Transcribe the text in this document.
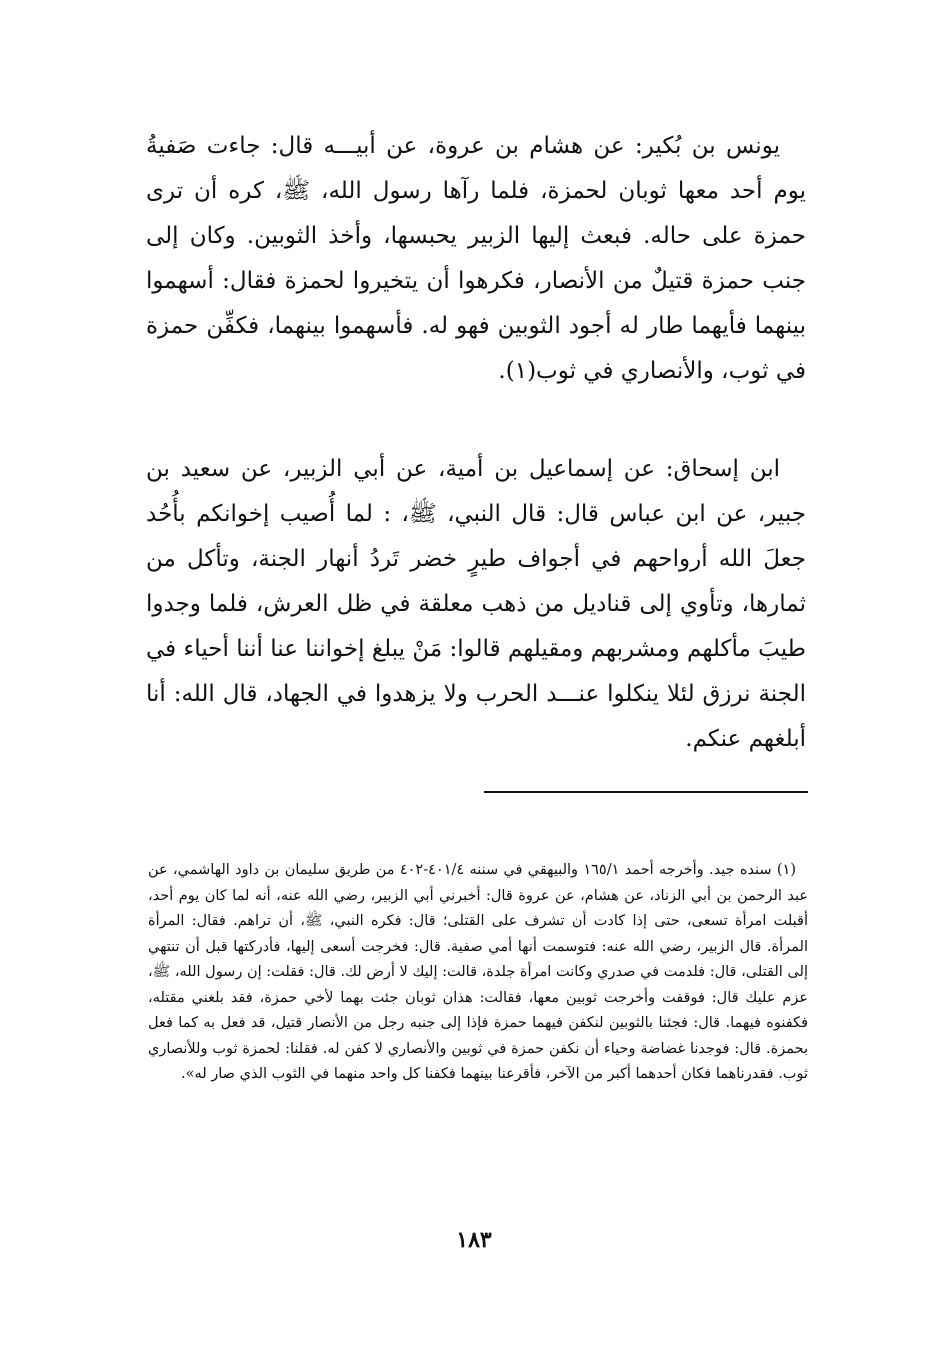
يونس بن بُكير: عن هشام بن عروة، عن أبيـــه قال: جاءت صَفيةُ يوم أحد معها ثوبان لحمزة، فلما رآها رسول الله، ﷺ، كره أن ترى حمزة على حاله. فبعث إليها الزبير يحبسها، وأخذ الثوبين. وكان إلى جنب حمزة قتيلٌ من الأنصار، فكرهوا أن يتخيروا لحمزة فقال: أسهموا بينهما فأيهما طار له أجود الثوبين فهو له. فأسهموا بينهما، فكفِّن حمزة في ثوب، والأنصاري في ثوب(١).

ابن إسحاق: عن إسماعيل بن أمية، عن أبي الزبير، عن سعيد بن جبير، عن ابن عباس قال: قال النبي، ﷺ، : لما أُصيب إخوانكم بأُحُد جعلَ الله أرواحهم في أجواف طيرٍ خضر تَردُ أنهار الجنة، وتأكل من ثمارها، وتأوي إلى قناديل من ذهب معلقة في ظل العرش، فلما وجدوا طيبَ مأكلهم ومشربهم ومقيلهم قالوا: مَنْ يبلغ إخواننا عنا أننا أحياء في الجنة نرزق لئلا ينكلوا عنـــد الحرب ولا يزهدوا في الجهاد، قال الله: أنا أبلغهم عنكم.

(١) سنده جيد. وأخرجه أحمد ١٦٥/١ والبيهقي في سننه ٤٠١/٤-٤٠٢ من طريق سليمان بن داود الهاشمي، عن عبد الرحمن بن أبي الزناد، عن هشام، عن عروة قال: أخبرني أبي الزبير، رضي الله عنه، أنه لما كان يوم أحد، أقبلت امرأة تسعى، حتى إذا كادت أن تشرف على القتلى؛ قال: فكره النبي، ﷺ، أن تراهم. فقال: المرأة المرأة. قال الزبير، رضي الله عنه: فتوسمت أنها أمي صفية. قال: فخرجت أسعى إليها، فأدركتها قبل أن تنتهي إلى القتلى، قال: فلدمت في صدري وكانت امرأة جلدة، قالت: إليك لا أرض لك. قال: فقلت: إن رسول الله، ﷺ، عزم عليك قال: فوقفت وأخرجت ثوبين معها، فقالت: هذان ثوبان جئت بهما لأخي حمزة، فقد بلغني مقتله، فكفنوه فيهما. قال: فجئنا بالثوبين لنكفن فيهما حمزة فإذا إلى جنبه رجل من الأنصار قتيل، قد فعل به كما فعل بحمزة. قال: فوجدنا غضاضة وحياء أن نكفن حمزة في ثوبين والأنصاري لا كفن له. فقلنا: لحمزة ثوب وللأنصاري ثوب. فقدرناهما فكان أحدهما أكبر من الآخر، فأقرعنا بينهما فكفنا كل واحد منهما في الثوب الذي صار له».

١٨٣
